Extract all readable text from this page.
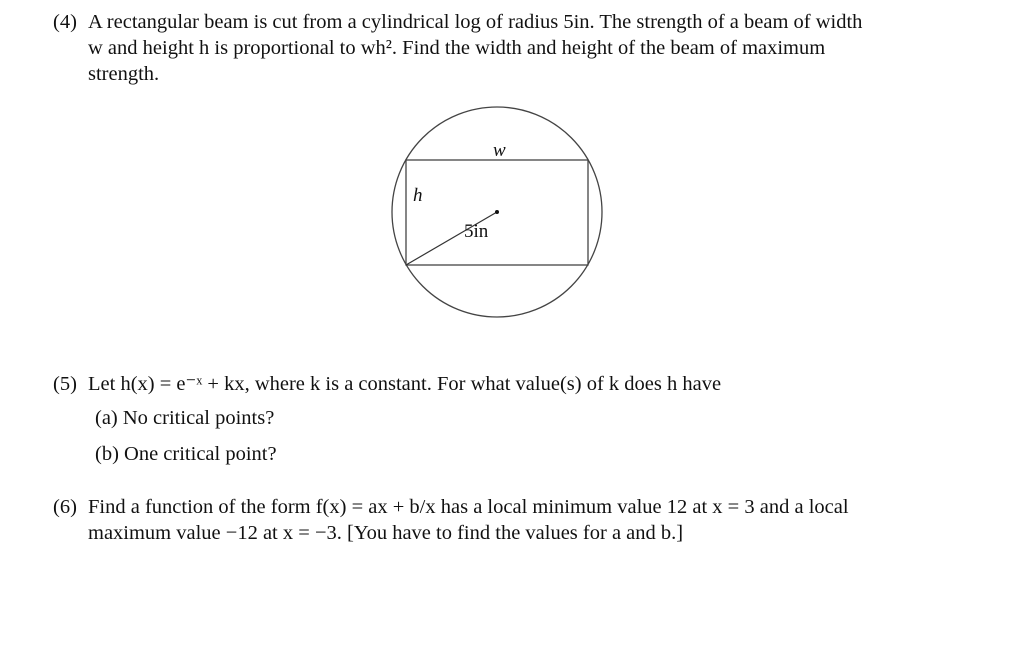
(4) A rectangular beam is cut from a cylindrical log of radius 5in. The strength of a beam of width
w and height h is proportional to wh². Find the width and height of the beam of maximum
strength.
w
h
5in
(5) Let h(x) = e⁻ˣ + kx, where k is a constant. For what value(s) of k does h have
(a) No critical points?
(b) One critical point?
(6) Find a function of the form f(x) = ax + b/x has a local minimum value 12 at x = 3 and a local
maximum value −12 at x = −3. [You have to find the values for a and b.]
